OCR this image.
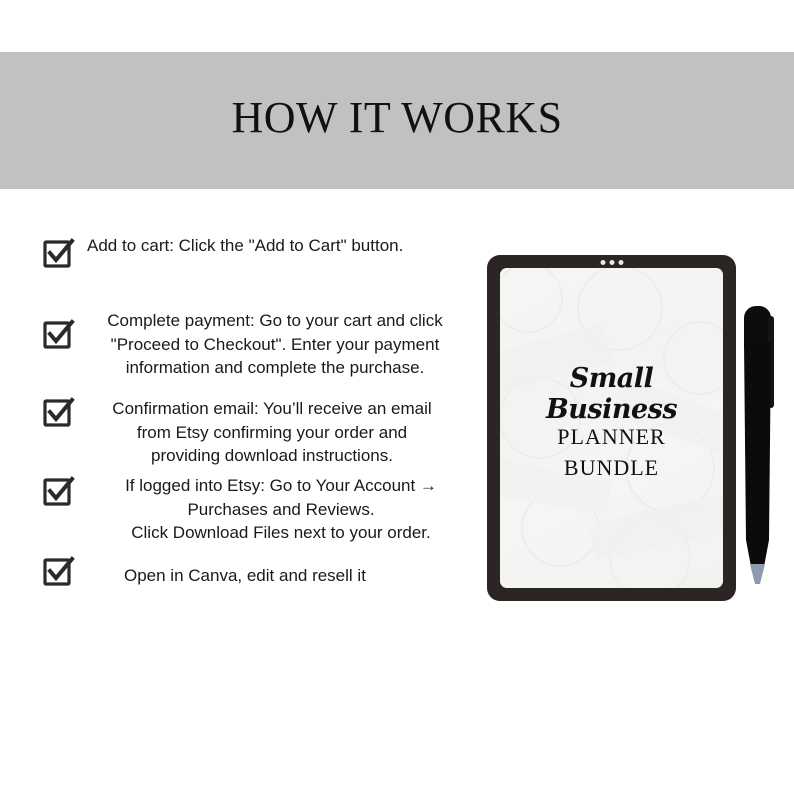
HOW IT WORKS
Add to cart: Click the "Add to Cart" button.
Complete payment: Go to your cart and click
"Proceed to Checkout". Enter your payment
information and complete the purchase.
Confirmation email: You’ll receive an email
from Etsy confirming your order and
providing download instructions.
If logged into Etsy: Go to Your Account →
Purchases and Reviews.
Click Download Files next to your order.
Open in Canva, edit and resell it
Small Business
PLANNER
BUNDLE
